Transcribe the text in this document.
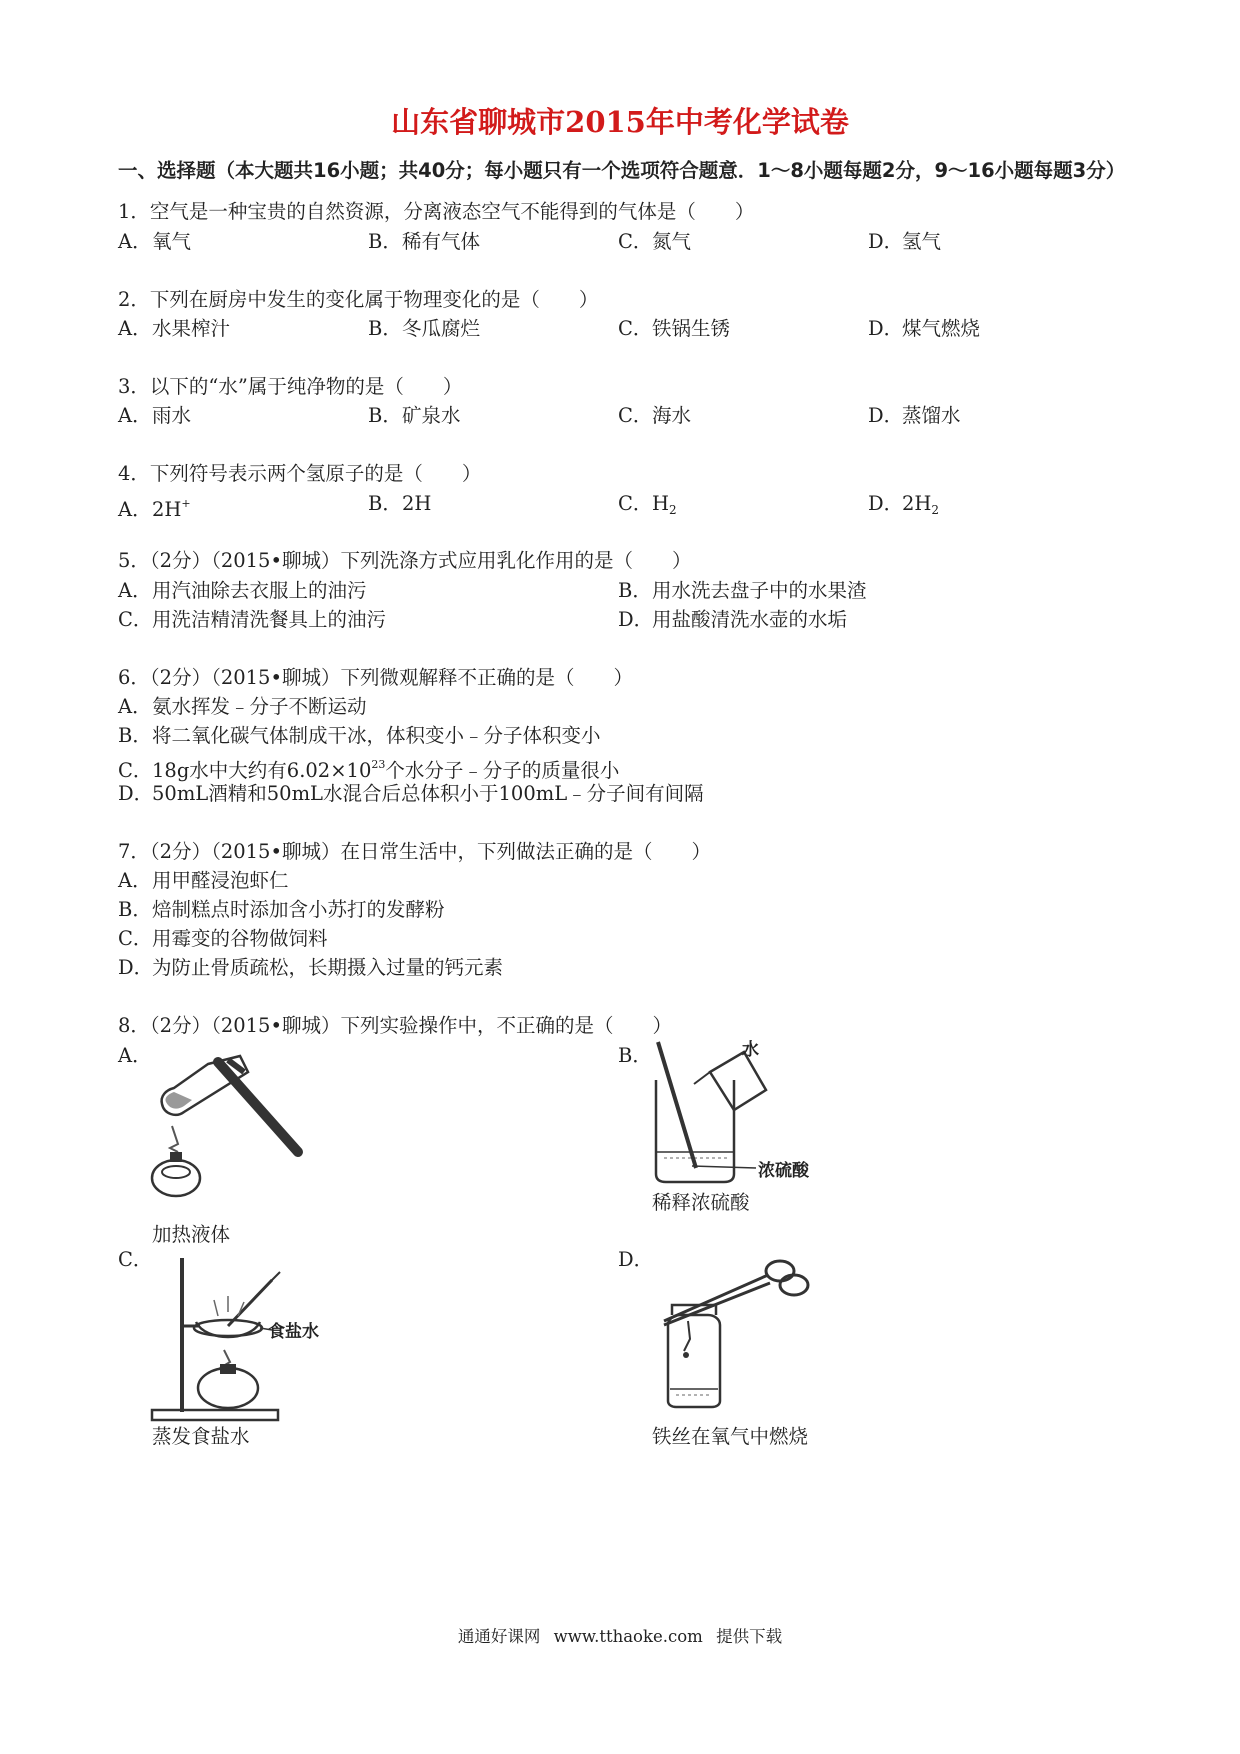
山东省聊城市2015年中考化学试卷
一、选择题（本大题共16小题；共40分；每小题只有一个选项符合题意．1～8小题每题2分，9～16小题每题3分）
1．空气是一种宝贵的自然资源，分离液态空气不能得到的气体是（　　）
A．氧气	B．稀有气体	C．氮气	D．氢气
2．下列在厨房中发生的变化属于物理变化的是（　　）
A．水果榨汁	B．冬瓜腐烂	C．铁锅生锈	D．煤气燃烧
3．以下的“水”属于纯净物的是（　　）
A．雨水	B．矿泉水	C．海水	D．蒸馏水
4．下列符号表示两个氢原子的是（　　）
A．2H+	B．2H	C．$H_2$	D．$2H_2$
5．（2分）（2015•聊城）下列洗涤方式应用乳化作用的是（　　）
A．用汽油除去衣服上的油污	B．用水洗去盘子中的水果渣
C．用洗洁精清洗餐具上的油污	D．用盐酸清洗水壶的水垢
6．（2分）（2015•聊城）下列微观解释不正确的是（　　）
A．氨水挥发﹣分子不断运动
B．将二氧化碳气体制成干冰，体积变小﹣分子体积变小
C．18g水中大约有$6.02\times 10^{23}$个水分子﹣分子的质量很小
D．50mL酒精和50mL水混合后总体积小于100mL﹣分子间有间隔
7．（2分）（2015•聊城）在日常生活中，下列做法正确的是（　　）
A．用甲醛浸泡虾仁
B．焙制糕点时添加含小苏打的发酵粉
C．用霉变的谷物做饲料
D．为防止骨质疏松，长期摄入过量的钙元素
8．（2分）（2015•聊城）下列实验操作中，不正确的是（　　）
A．
加热液体
B．	水
浓硫酸
稀释浓硫酸
C．
食盐水
蒸发食盐水
D．
铁丝在氧气中燃烧
通通好课网 www.tthaoke.com 提供下载
